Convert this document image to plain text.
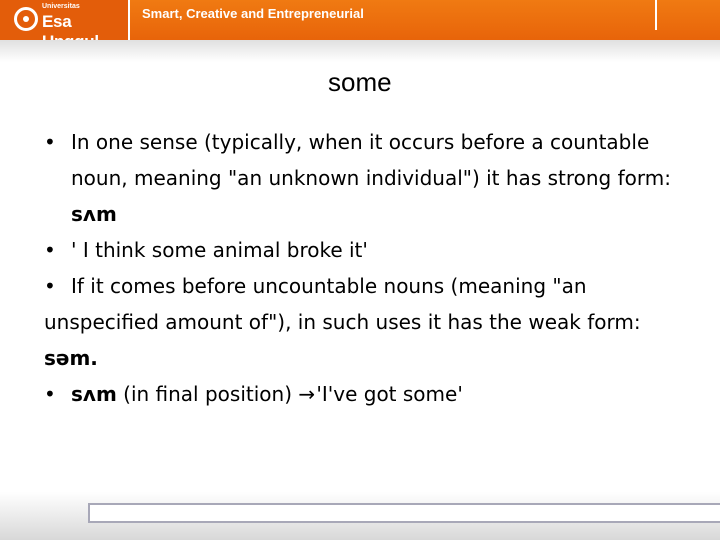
Universitas
Esa	Smart, Creative and Entrepreneurial
some

• In one sense (typically, when it occurs before a countable noun, meaning "an unknown individual") it has strong form: sʌm

• ' I think some animal broke it'

• If it comes before uncountable nouns (meaning "an unspecified amount of"), in such uses it has the weak form: səm.

• sʌm (in final position) →'I've got some'
